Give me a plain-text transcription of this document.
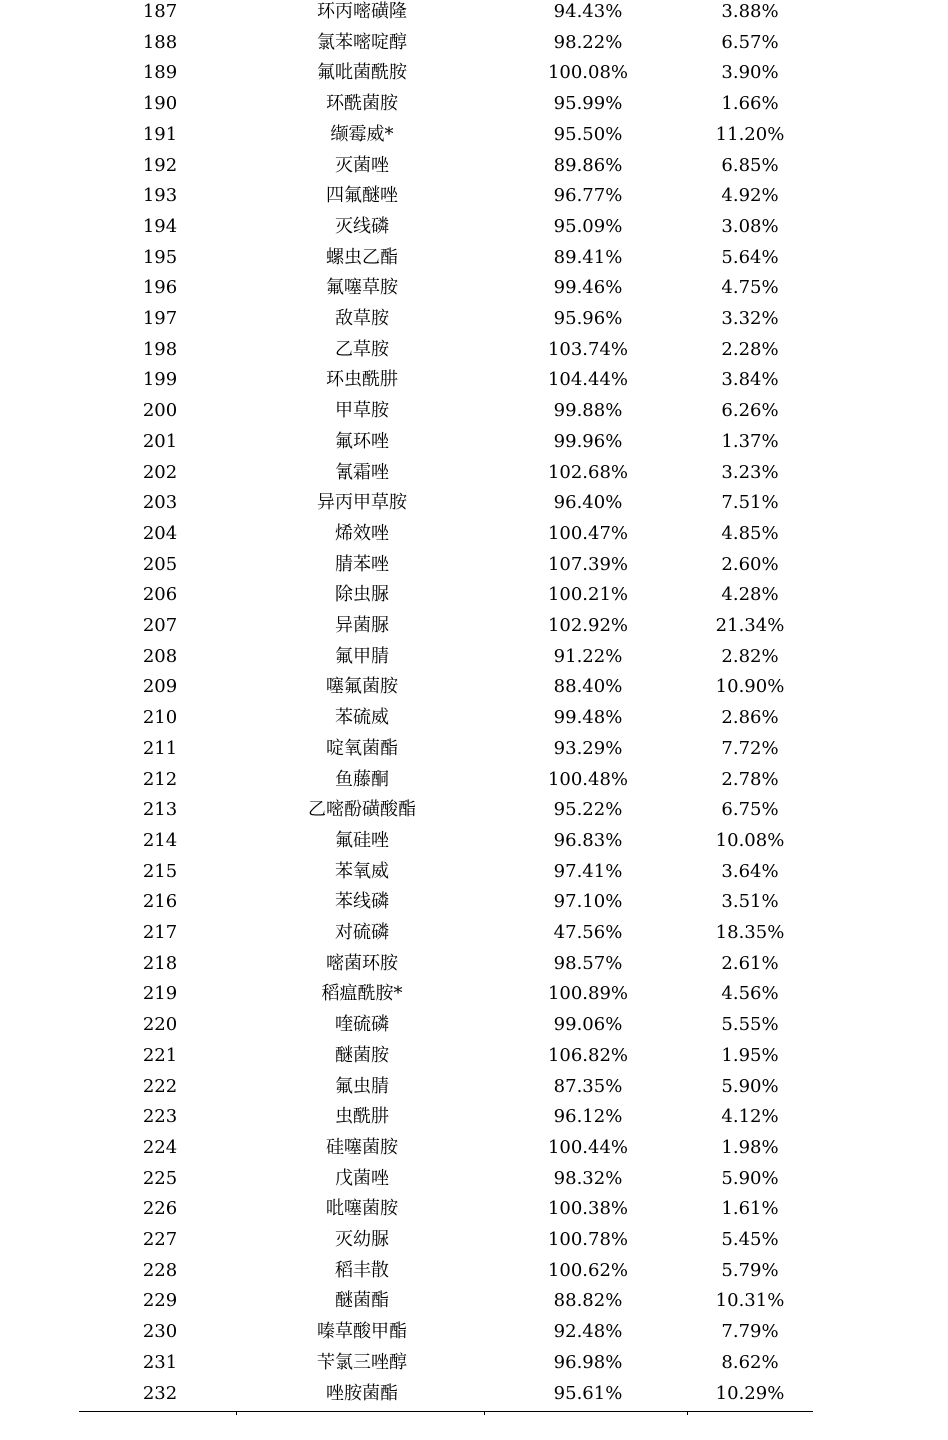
187	环丙嘧磺隆	94.43%	3.88%
188	氯苯嘧啶醇	98.22%	6.57%
189	氟吡菌酰胺	100.08%	3.90%
190	环酰菌胺	95.99%	1.66%
191	缬霉威*	95.50%	11.20%
192	灭菌唑	89.86%	6.85%
193	四氟醚唑	96.77%	4.92%
194	灭线磷	95.09%	3.08%
195	螺虫乙酯	89.41%	5.64%
196	氟噻草胺	99.46%	4.75%
197	敌草胺	95.96%	3.32%
198	乙草胺	103.74%	2.28%
199	环虫酰肼	104.44%	3.84%
200	甲草胺	99.88%	6.26%
201	氟环唑	99.96%	1.37%
202	氰霜唑	102.68%	3.23%
203	异丙甲草胺	96.40%	7.51%
204	烯效唑	100.47%	4.85%
205	腈苯唑	107.39%	2.60%
206	除虫脲	100.21%	4.28%
207	异菌脲	102.92%	21.34%
208	氟甲腈	91.22%	2.82%
209	噻氟菌胺	88.40%	10.90%
210	苯硫威	99.48%	2.86%
211	啶氧菌酯	93.29%	7.72%
212	鱼藤酮	100.48%	2.78%
213	乙嘧酚磺酸酯	95.22%	6.75%
214	氟硅唑	96.83%	10.08%
215	苯氧威	97.41%	3.64%
216	苯线磷	97.10%	3.51%
217	对硫磷	47.56%	18.35%
218	嘧菌环胺	98.57%	2.61%
219	稻瘟酰胺*	100.89%	4.56%
220	喹硫磷	99.06%	5.55%
221	醚菌胺	106.82%	1.95%
222	氟虫腈	87.35%	5.90%
223	虫酰肼	96.12%	4.12%
224	硅噻菌胺	100.44%	1.98%
225	戊菌唑	98.32%	5.90%
226	吡噻菌胺	100.38%	1.61%
227	灭幼脲	100.78%	5.45%
228	稻丰散	100.62%	5.79%
229	醚菌酯	88.82%	10.31%
230	嗪草酸甲酯	92.48%	7.79%
231	苄氯三唑醇	96.98%	8.62%
232	唑胺菌酯	95.61%	10.29%
